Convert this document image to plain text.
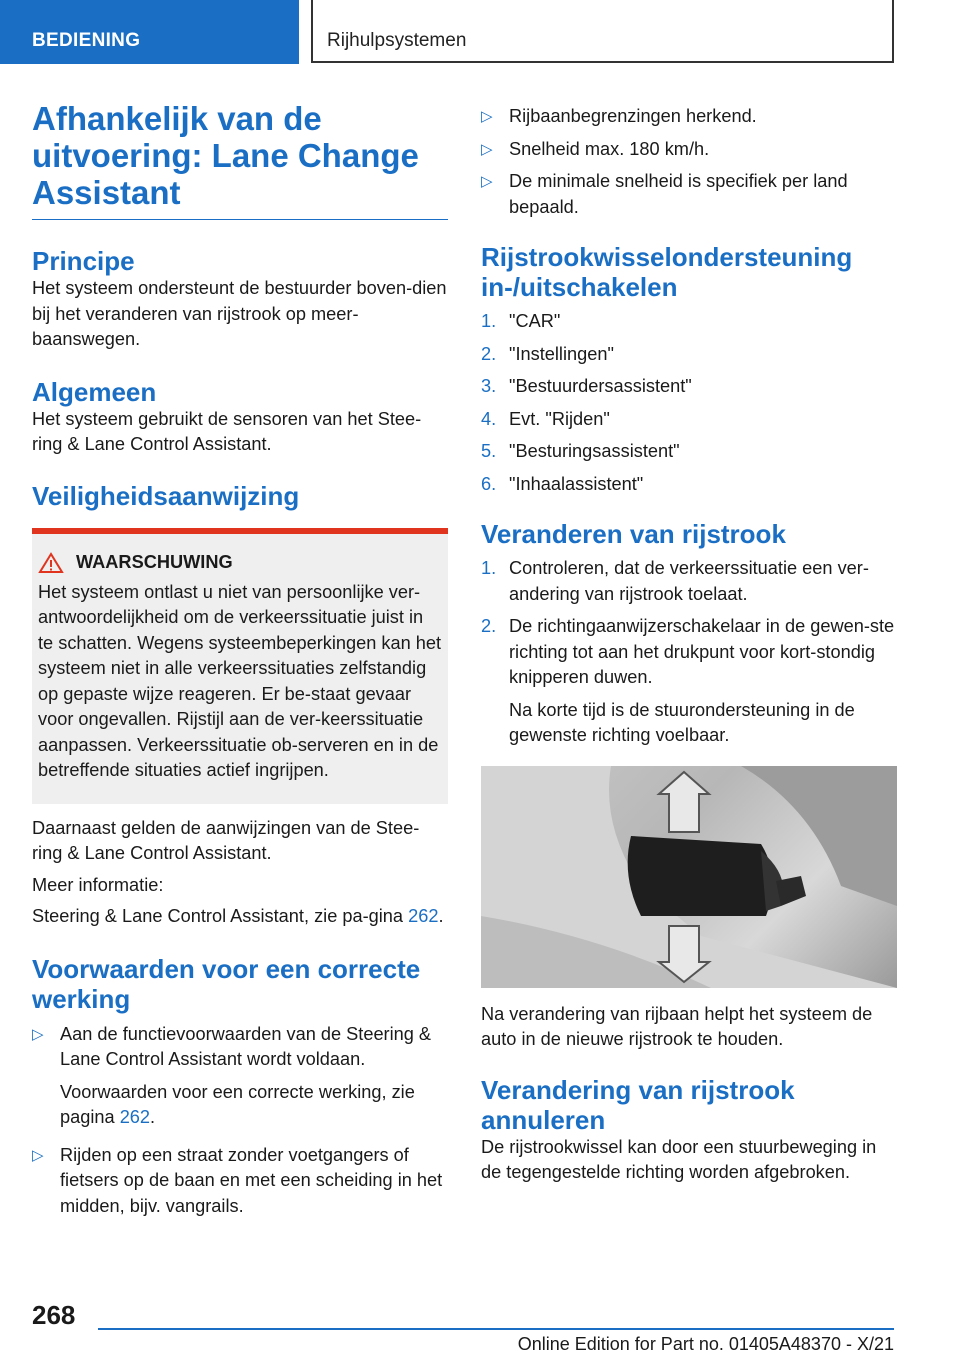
BEDIENING	Rijhulpsystemen
Afhankelijk van de uitvoering: Lane Change Assistant
Principe

Het systeem ondersteunt de bestuurder boven-dien bij het veranderen van rijstrook op meer-baanswegen.

Algemeen

Het systeem gebruikt de sensoren van het Stee-ring & Lane Control Assistant.

Veiligheidsaanwijzing
WAARSCHUWING

Het systeem ontlast u niet van persoonlijke ver-antwoordelijkheid om de verkeerssituatie juist in te schatten. Wegens systeembeperkingen kan het systeem niet in alle verkeerssituaties zelfstandig op gepaste wijze reageren. Er be-staat gevaar voor ongevallen. Rijstijl aan de ver-keerssituatie aanpassen. Verkeerssituatie ob-serveren en in de betreffende situaties actief ingrijpen.

Daarnaast gelden de aanwijzingen van de Stee-ring & Lane Control Assistant.

Meer informatie:

Steering & Lane Control Assistant, zie pa-gina 262.

Voorwaarden voor een correcte werking
▷ Aan de functievoorwaarden van de Steering & Lane Control Assistant wordt voldaan.
Voorwaarden voor een correcte werking, zie pagina 262.
▷ Rijden op een straat zonder voetgangers of fietsers op de baan en met een scheiding in het midden, bijv. vangrails.
▷ Rijbaanbegrenzingen herkend.
▷ Snelheid max. 180 km/h.
▷ De minimale snelheid is specifiek per land bepaald.
Rijstrookwisselondersteuning in-/uitschakelen
1. "CAR"
2. "Instellingen"
3. "Bestuurdersassistent"
4. Evt. "Rijden"
5. "Besturingsassistent"
6. "Inhaalassistent"
Veranderen van rijstrook
1. Controleren, dat de verkeerssituatie een ver-andering van rijstrook toelaat.
2. De richtingaanwijzerschakelaar in de gewen-ste richting tot aan het drukpunt voor kort-stondig knipperen duwen.
Na korte tijd is de stuurondersteuning in de gewenste richting voelbaar.

Na verandering van rijbaan helpt het systeem de auto in de nieuwe rijstrook te houden.

Verandering van rijstrook annuleren

De rijstrookwissel kan door een stuurbeweging in de tegengestelde richting worden afgebroken.

268
Online Edition for Part no. 01405A48370 - X/21
